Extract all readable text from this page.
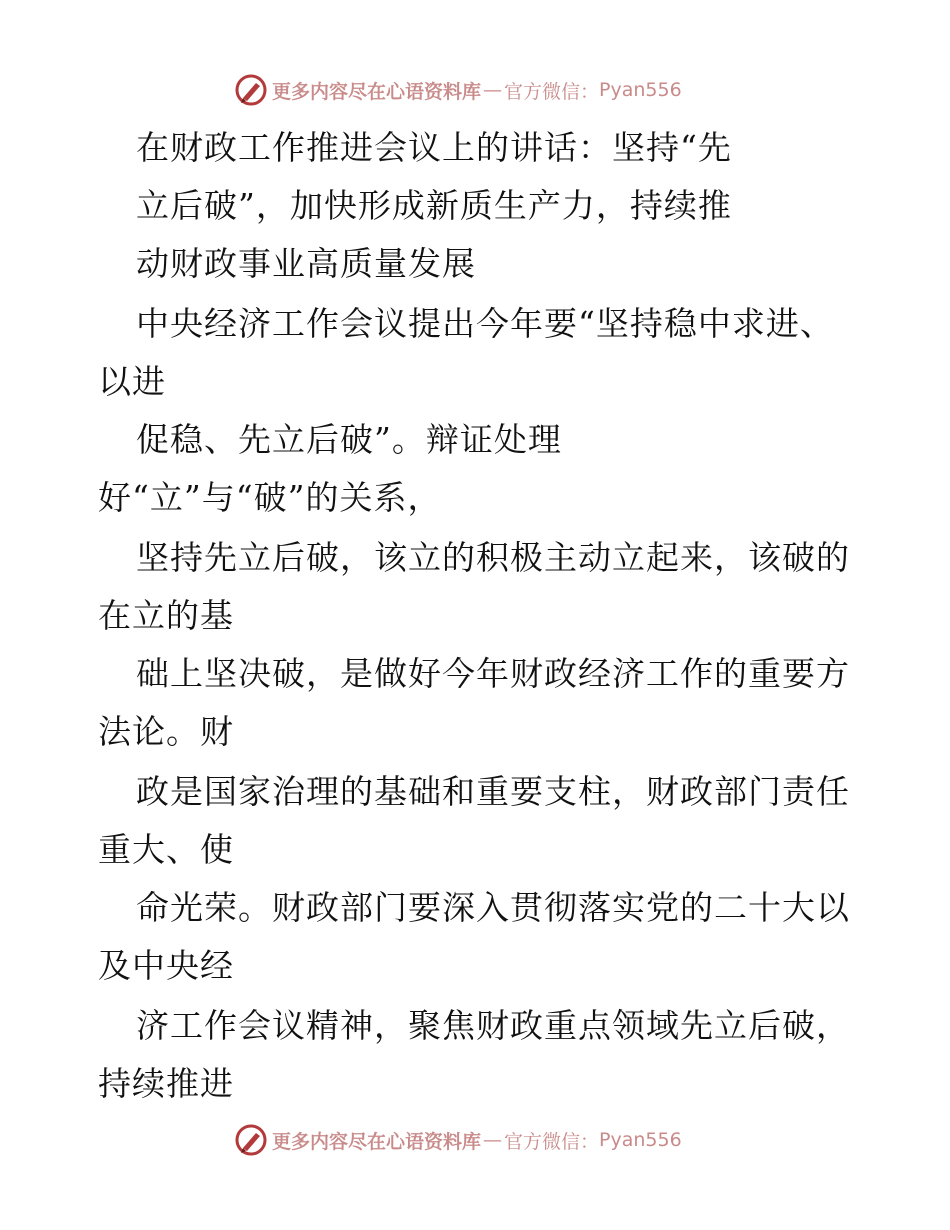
更多内容尽在心语资料库 — 官方微信： Pyan556
在财政工作推进会议上的讲话：坚持“先
立后破”，加快形成新质生产力，持续推
动财政事业高质量发展
中央经济工作会议提出今年要“坚持稳中求进、
以进
促稳、先立后破”。辩证处理
好“立”与“破”的关系，
坚持先立后破，该立的积极主动立起来，该破的
在立的基
础上坚决破，是做好今年财政经济工作的重要方
法论。财
政是国家治理的基础和重要支柱，财政部门责任
重大、使
命光荣。财政部门要深入贯彻落实党的二十大以
及中央经
济工作会议精神，聚焦财政重点领域先立后破，
持续推进
更多内容尽在心语资料库 — 官方微信： Pyan556
